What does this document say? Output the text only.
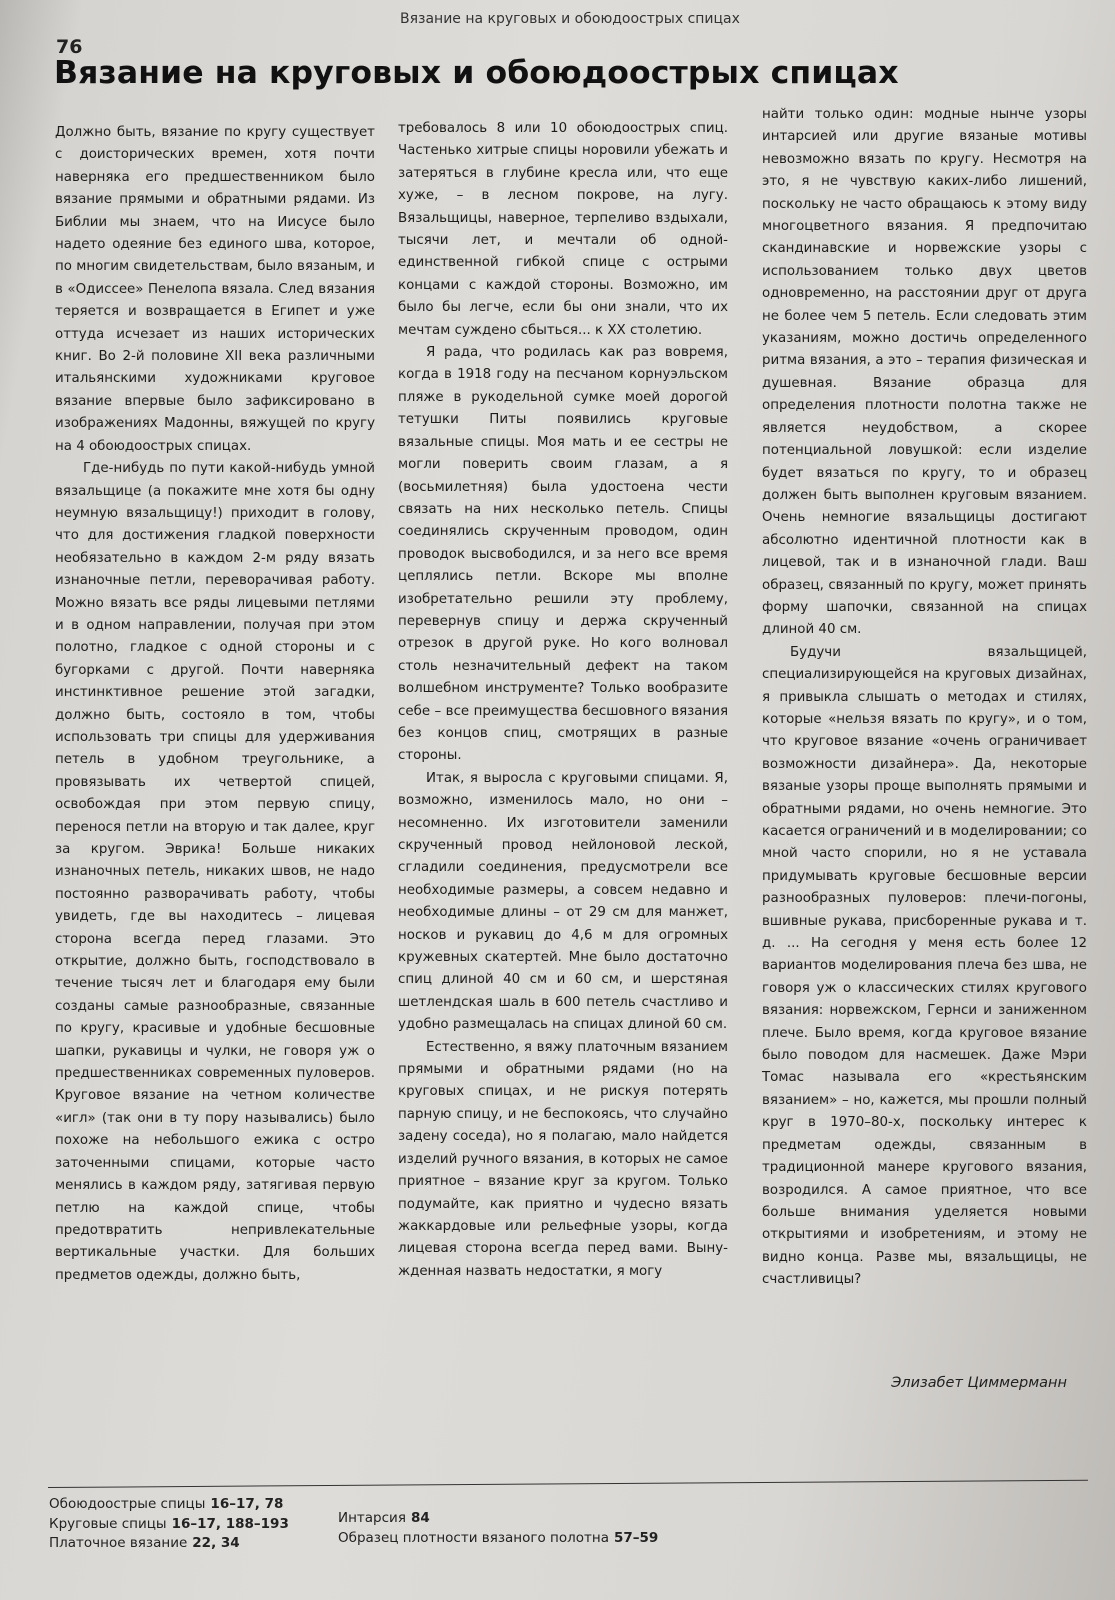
76
Вязание на круговых и обоюдоострых спицах
Вязание на круговых и обоюдоострых спицах

Должно быть, вязание по кругу существует с доисторических времен, хотя почти наверняка его предшественником было вязание прямыми и обратными рядами. Из Библии мы знаем, что на Иисусе было надето одеяние без единого шва, которое, по многим свидетельствам, было вязаным, и в «Одиссее» Пенелопа вязала. След вязания теряется и возвращается в Египет и уже оттуда исчезает из наших исторических книг. Во 2-й половине XII века различными итальянскими художниками круговое вязание впервые было зафиксировано в изображениях Мадонны, вяжущей по кругу на 4 обоюдоострых спицах.

Где-нибудь по пути какой-нибудь умной вязальщице (а покажите мне хотя бы одну неумную вязальщицу!) приходит в голову, что для достижения гладкой поверхности необязательно в каждом 2-м ряду вязать изнаночные петли, переворачивая работу. Можно вязать все ряды лицевыми петлями и в одном направлении, получая при этом полотно, гладкое с одной стороны и с бугорками с другой. Почти наверняка инстинктивное решение этой загадки, должно быть, состояло в том, чтобы использовать три спицы для удерживания петель в удобном треугольнике, а провязывать их четвертой спицей, освобождая при этом первую спицу, перенося петли на вторую и так далее, круг за кругом. Эврика! Больше никаких изнаночных петель, никаких швов, не надо постоянно разворачивать работу, чтобы увидеть, где вы находитесь – лицевая сторона всегда перед глазами. Это открытие, должно быть, господствовало в течение тысяч лет и благодаря ему были созданы самые разнообразные, связанные по кругу, красивые и удобные бесшовные шапки, рукавицы и чулки, не говоря уж о предшественниках современных пуловеров. Круговое вязание на четном количестве «игл» (так они в ту пору назывались) было похоже на небольшого ежика с остро заточенными спицами, которые часто менялись в каждом ряду, затягивая первую петлю на каждой спице, чтобы предотвратить непривлекательные вертикальные участки. Для больших предметов одежды, должно быть,

требовалось 8 или 10 обоюдоострых спиц. Частенько хитрые спицы норовили убежать и затеряться в глубине кресла или, что еще хуже, – в лесном покрове, на лугу. Вязальщицы, наверное, терпеливо вздыхали, тысячи лет, и мечтали об одной-единственной гибкой спице с острыми концами с каждой стороны. Возможно, им было бы легче, если бы они знали, что их мечтам суждено сбыться... к XX столетию.

Я рада, что родилась как раз вовремя, когда в 1918 году на песчаном корнуэльском пляже в рукодельной сумке моей дорогой тетушки Питы появились круговые вязальные спицы. Моя мать и ее сестры не могли поверить своим глазам, а я (восьмилетняя) была удостоена чести связать на них несколько петель. Спицы соединялись скрученным проводом, один проводок высвободился, и за него все время цеплялись петли. Вскоре мы вполне изобретательно решили эту проблему, перевернув спицу и держа скрученный отрезок в другой руке. Но кого волновал столь незначительный дефект на таком волшебном инструменте? Только вообразите себе – все преимущества бесшовного вязания без концов спиц, смотрящих в разные стороны.

Итак, я выросла с круговыми спицами. Я, возможно, изменилось мало, но они – несомненно. Их изготовители заменили скрученный провод нейлоновой леской, сгладили соединения, предусмотрели все необходимые размеры, а совсем недавно и необходимые длины – от 29 см для манжет, носков и рукавиц до 4,6 м для огромных кружевных скатертей. Мне было достаточно спиц длиной 40 см и 60 см, и шерстяная шетлендская шаль в 600 петель счастливо и удобно размещалась на спицах длиной 60 см.

Естественно, я вяжу платочным вязанием прямыми и обратными рядами (но на круговых спицах, и не рискуя потерять парную спицу, и не беспокоясь, что случайно задену соседа), но я полагаю, мало найдется изделий ручного вязания, в которых не самое приятное – вязание круг за кругом. Только подумайте, как приятно и чудесно вязать жаккардовые или рельефные узоры, когда лицевая сторона всегда перед вами. Вынужденная назвать недостатки, я могу

найти только один: модные нынче узоры интарсией или другие вязаные мотивы невозможно вязать по кругу. Несмотря на это, я не чувствую каких-либо лишений, поскольку не часто обращаюсь к этому виду многоцветного вязания. Я предпочитаю скандинавские и норвежские узоры с использованием только двух цветов одновременно, на расстоянии друг от друга не более чем 5 петель. Если следовать этим указаниям, можно достичь определенного ритма вязания, а это – терапия физическая и душевная. Вязание образца для определения плотности полотна также не является неудобством, а скорее потенциальной ловушкой: если изделие будет вязаться по кругу, то и образец должен быть выполнен круговым вязанием. Очень немногие вязальщицы достигают абсолютно идентичной плотности как в лицевой, так и в изнаночной глади. Ваш образец, связанный по кругу, может принять форму шапочки, связанной на спицах длиной 40 см.

Будучи вязальщицей, специализирующейся на круговых дизайнах, я привыкла слышать о методах и стилях, которые «нельзя вязать по кругу», и о том, что круговое вязание «очень ограничивает возможности дизайнера». Да, некоторые вязаные узоры проще выполнять прямыми и обратными рядами, но очень немногие. Это касается ограничений и в моделировании; со мной часто спорили, но я не уставала придумывать круговые бесшовные версии разнообразных пуловеров: плечи-погоны, вшивные рукава, присборенные рукава и т. д. ... На сегодня у меня есть более 12 вариантов моделирования плеча без шва, не говоря уж о классических стилях кругового вязания: норвежском, Гернси и заниженном плече. Было время, когда круговое вязание было поводом для насмешек. Даже Мэри Томас называла его «крестьянским вязанием» – но, кажется, мы прошли полный круг в 1970–80-х, поскольку интерес к предметам одежды, связанным в традиционной манере кругового вязания, возродился. А самое приятное, что все больше внимания уделяется новыми открытиями и изобретениям, и этому не видно конца. Разве мы, вязальщицы, не счастливицы?

Элизабет Циммерманн
Обоюдоострые спицы 16–17, 78
Круговые спицы 16–17, 188–193
Платочное вязание 22, 34
Интарсия 84
Образец плотности вязаного полотна 57–59
